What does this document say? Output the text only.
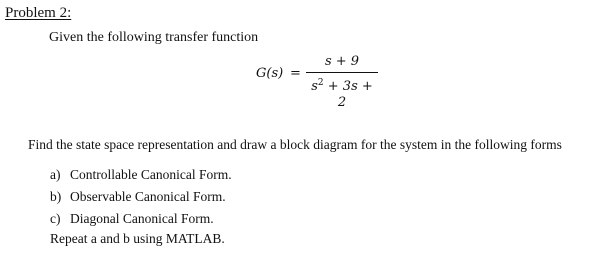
Problem 2:
Given the following transfer function
G(s) =
s + 9
$s^2 + 3s + 2$
Find the state space representation and draw a block diagram for the system in the following forms
a) Controllable Canonical Form.
b) Observable Canonical Form.
c) Diagonal Canonical Form.
Repeat a and b using MATLAB.
